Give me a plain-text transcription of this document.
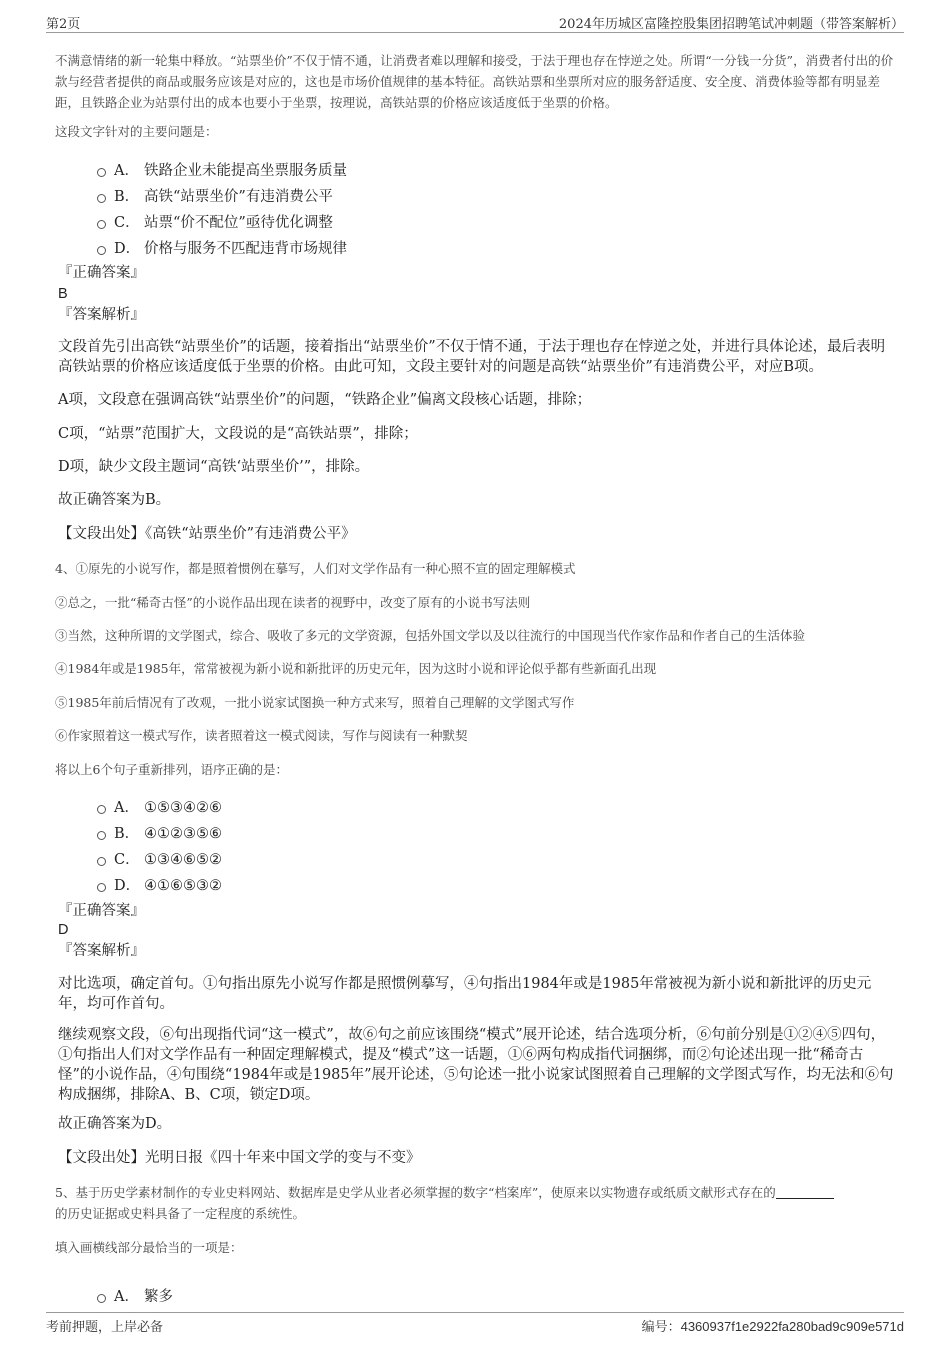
第2页	2024年历城区富隆控股集团招聘笔试冲刺题（带答案解析）

不满意情绪的新一轮集中释放。“站票坐价”不仅于情不通，让消费者难以理解和接受，于法于理也存在悖逆之处。所谓“一分钱一分货”，消费者付出的价款与经营者提供的商品或服务应该是对应的，这也是市场价值规律的基本特征。高铁站票和坐票所对应的服务舒适度、安全度、消费体验等都有明显差距，且铁路企业为站票付出的成本也要小于坐票，按理说，高铁站票的价格应该适度低于坐票的价格。

这段文字针对的主要问题是：

A． 铁路企业未能提高坐票服务质量
B． 高铁“站票坐价”有违消费公平
C． 站票“价不配位”亟待优化调整
D． 价格与服务不匹配违背市场规律

『正确答案』

B

『答案解析』

文段首先引出高铁“站票坐价”的话题，接着指出“站票坐价”不仅于情不通，于法于理也存在悖逆之处，并进行具体论述，最后表明高铁站票的价格应该适度低于坐票的价格。由此可知，文段主要针对的问题是高铁“站票坐价”有违消费公平，对应B项。

A项，文段意在强调高铁“站票坐价”的问题，“铁路企业”偏离文段核心话题，排除；

C项，“站票”范围扩大，文段说的是“高铁站票”，排除；

D项，缺少文段主题词“高铁‘站票坐价’”，排除。

故正确答案为B。

【文段出处】《高铁“站票坐价”有违消费公平》

4、①原先的小说写作，都是照着惯例在摹写，人们对文学作品有一种心照不宣的固定理解模式

②总之，一批“稀奇古怪”的小说作品出现在读者的视野中，改变了原有的小说书写法则

③当然，这种所谓的文学图式，综合、吸收了多元的文学资源，包括外国文学以及以往流行的中国现当代作家作品和作者自己的生活体验

④1984年或是1985年，常常被视为新小说和新批评的历史元年，因为这时小说和评论似乎都有些新面孔出现

⑤1985年前后情况有了改观，一批小说家试图换一种方式来写，照着自己理解的文学图式写作

⑥作家照着这一模式写作，读者照着这一模式阅读，写作与阅读有一种默契

将以上6个句子重新排列，语序正确的是：

A． ①⑤③④②⑥
B． ④①②③⑤⑥
C． ①③④⑥⑤②
D． ④①⑥⑤③②

『正确答案』

D

『答案解析』

对比选项，确定首句。①句指出原先小说写作都是照惯例摹写，④句指出1984年或是1985年常被视为新小说和新批评的历史元年，均可作首句。

继续观察文段，⑥句出现指代词“这一模式”，故⑥句之前应该围绕“模式”展开论述，结合选项分析，⑥句前分别是①②④⑤四句，①句指出人们对文学作品有一种固定理解模式，提及“模式”这一话题，①⑥两句构成指代词捆绑，而②句论述出现一批“稀奇古怪”的小说作品，④句围绕“1984年或是1985年”展开论述，⑤句论述一批小说家试图照着自己理解的文学图式写作，均无法和⑥句构成捆绑，排除A、B、C项，锁定D项。

故正确答案为D。

【文段出处】光明日报《四十年来中国文学的变与不变》

5、基于历史学素材制作的专业史料网站、数据库是史学从业者必须掌握的数字“档案库”，使原来以实物遗存或纸质文献形式存在的
的历史证据或史料具备了一定程度的系统性。

填入画横线部分最恰当的一项是：

A． 繁多
考前押题，上岸必备	编号：4360937f1e2922fa280bad9c909e571d
